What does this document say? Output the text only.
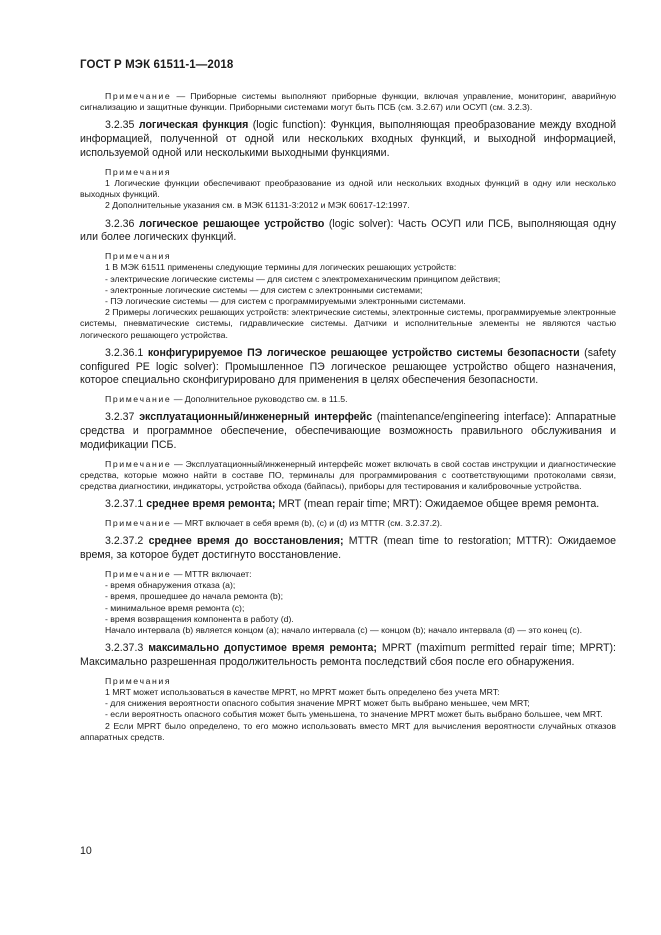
ГОСТ Р МЭК 61511-1—2018
Примечание — Приборные системы выполняют приборные функции, включая управление, мониторинг, аварийную сигнализацию и защитные функции. Приборными системами могут быть ПСБ (см. 3.2.67) или ОСУП (см. 3.2.3).

3.2.35 логическая функция (logic function): Функция, выполняющая преобразование между входной информацией, полученной от одной или нескольких входных функций, и выходной информацией, используемой одной или несколькими выходными функциями.

Примечания
1 Логические функции обеспечивают преобразование из одной или нескольких входных функций в одну или несколько выходных функций.
2 Дополнительные указания см. в МЭК 61131-3:2012 и МЭК 60617-12:1997.

3.2.36 логическое решающее устройство (logic solver): Часть ОСУП или ПСБ, выполняющая одну или более логических функций.

Примечания
1 В МЭК 61511 применены следующие термины для логических решающих устройств:
- электрические логические системы — для систем с электромеханическим принципом действия;
- электронные логические системы — для систем с электронными системами;
- ПЭ логические системы — для систем с программируемыми электронными системами.
2 Примеры логических решающих устройств: электрические системы, электронные системы, программируемые электронные системы, пневматические системы, гидравлические системы. Датчики и исполнительные элементы не являются частью логического решающего устройства.

3.2.36.1 конфигурируемое ПЭ логическое решающее устройство системы безопасности (safety configured PE logic solver): Промышленное ПЭ логическое решающее устройство общего назначения, которое специально сконфигурировано для применения в целях обеспечения безопасности.

Примечание — Дополнительное руководство см. в 11.5.

3.2.37 эксплуатационный/инженерный интерфейс (maintenance/engineering interface): Аппаратные средства и программное обеспечение, обеспечивающие возможность правильного обслуживания и модификации ПСБ.

Примечание — Эксплуатационный/инженерный интерфейс может включать в свой состав инструкции и диагностические средства, которые можно найти в составе ПО, терминалы для программирования с соответствующими протоколами связи, средства диагностики, индикаторы, устройства обхода (байпасы), приборы для тестирования и калибровочные устройства.

3.2.37.1 среднее время ремонта; MRT (mean repair time; MRT): Ожидаемое общее время ремонта.

Примечание — MRT включает в себя время (b), (c) и (d) из MTTR (см. 3.2.37.2).

3.2.37.2 среднее время до восстановления; MTTR (mean time to restoration; MTTR): Ожидаемое время, за которое будет достигнуто восстановление.

Примечание — MTTR включает:
- время обнаружения отказа (a);
- время, прошедшее до начала ремонта (b);
- минимальное время ремонта (c);
- время возвращения компонента в работу (d).
Начало интервала (b) является концом (a); начало интервала (c) — концом (b); начало интервала (d) — это конец (c).

3.2.37.3 максимально допустимое время ремонта; MPRT (maximum permitted repair time; MPRT): Максимально разрешенная продолжительность ремонта последствий сбоя после его обнаружения.

Примечания
1 MRT может использоваться в качестве MPRT, но MPRT может быть определено без учета MRT:
- для снижения вероятности опасного события значение MPRT может быть выбрано меньшее, чем MRT;
- если вероятность опасного события может быть уменьшена, то значение MPRT может быть выбрано большее, чем MRT.
2 Если MPRT было определено, то его можно использовать вместо MRT для вычисления вероятности случайных отказов аппаратных средств.
10
